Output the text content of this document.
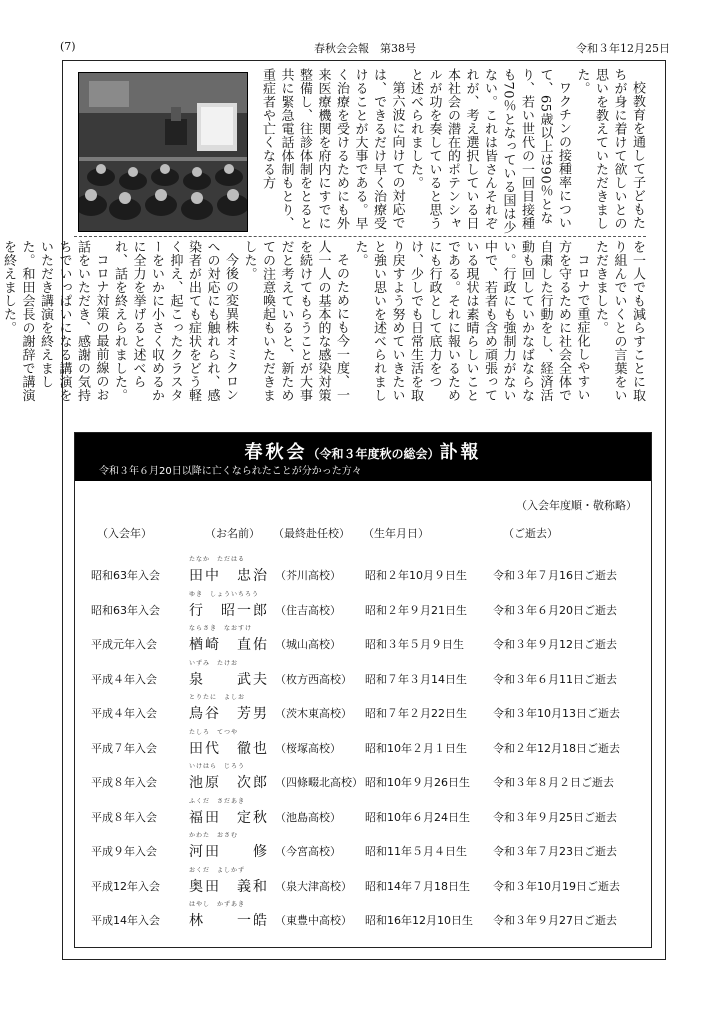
(7)	春秋会会報　第38号	令和３年12月25日

校教育を通して子どもたちが身に着けて欲しいとの思いを教えていただきました。

ワクチンの接種率について、65歳以上は90％となり、若い世代の一回目接種も70％となっている国は少ない。これは皆さんそれぞれが、考え選択している日本社会の潜在的ポテンシャルが功を奏していると思うと述べられました。

第六波に向けての対応では、できるだけ早く治療受けることが大事である。早く治療を受けるためにも外来医療機関を府内にすでに整備し、往診体制をとると共に緊急電話体制もとり、重症者や亡くなる方

を一人でも減らすことに取り組んでいくとの言葉をいただきました。

コロナで重症化しやすい方を守るために社会全体で自粛した行動をし、経済活動も回していかなばならない。行政にも強制力がない中で、若者も含め頑張っている現状は素晴らしいことである。それに報いるためにも行政として底力をつけ、少しでも日常生活を取り戻すよう努めていきたいと強い思いを述べられました。

そのためにも今一度、一人一人の基本的な感染対策を続けてもらうことが大事だと考えていると、新ためての注意喚起もいただきました。

今後の変異株オミクロンへの対応にも触れられ、感染者が出ても症状をどう軽く抑え、起こったクラスターをいかに小さく収めるかに全力を挙げると述べられ、話を終えられました。

コロナ対策の最前線のお話をいただき、感謝の気持ちでいっぱいになる講演をいただき講演を終えました。和田会長の謝辞で講演を終えました。

春秋会（令和３年度秋の総会）訃報
令和３年６月20日以降に亡くなられたことが分かった方々
（入会年度順・敬称略）
（入会年）	（お名前） （最終赴任校） （生年月日）	（ご逝去）
昭和63年入会
たなか　ただはる
田中　忠治 （芥川高校） 昭和２年10月９日生 令和３年７月16日ご逝去
昭和63年入会
ゆき　しょういちろう
行　昭一郎 （住吉高校） 昭和２年９月21日生 令和３年６月20日ご逝去
平成元年入会
ならさき　なおすけ
楢崎　直佑 （城山高校） 昭和３年５月９日生	令和３年９月12日ご逝去
平成４年入会
いずみ　たけお
泉　　武夫 （枚方西高校） 昭和７年３月14日生 令和３年６月11日ご逝去
平成４年入会
とりたに　よしお
鳥谷　芳男 （茨木東高校） 昭和７年２月22日生 令和３年10月13日ご逝去
平成７年入会
たしろ　てつや
田代　徹也 （桜塚高校） 昭和10年２月１日生 令和２年12月18日ご逝去
平成８年入会
いけはら　じろう
池原　次郎 （四條畷北高校） 昭和10年９月26日生 令和３年８月２日ご逝去
平成８年入会
ふくだ　さだあき
福田　定秋 （池島高校） 昭和10年６月24日生 令和３年９月25日ご逝去
平成９年入会
かわた　おさむ
河田　　修 （今宮高校） 昭和11年５月４日生 令和３年７月23日ご逝去
平成12年入会
おくだ　よしかず
奥田　義和 （泉大津高校） 昭和14年７月18日生 令和３年10月19日ご逝去
平成14年入会
はやし　かずあき
林　　一皓 （東豊中高校） 昭和16年12月10日生 令和３年９月27日ご逝去
